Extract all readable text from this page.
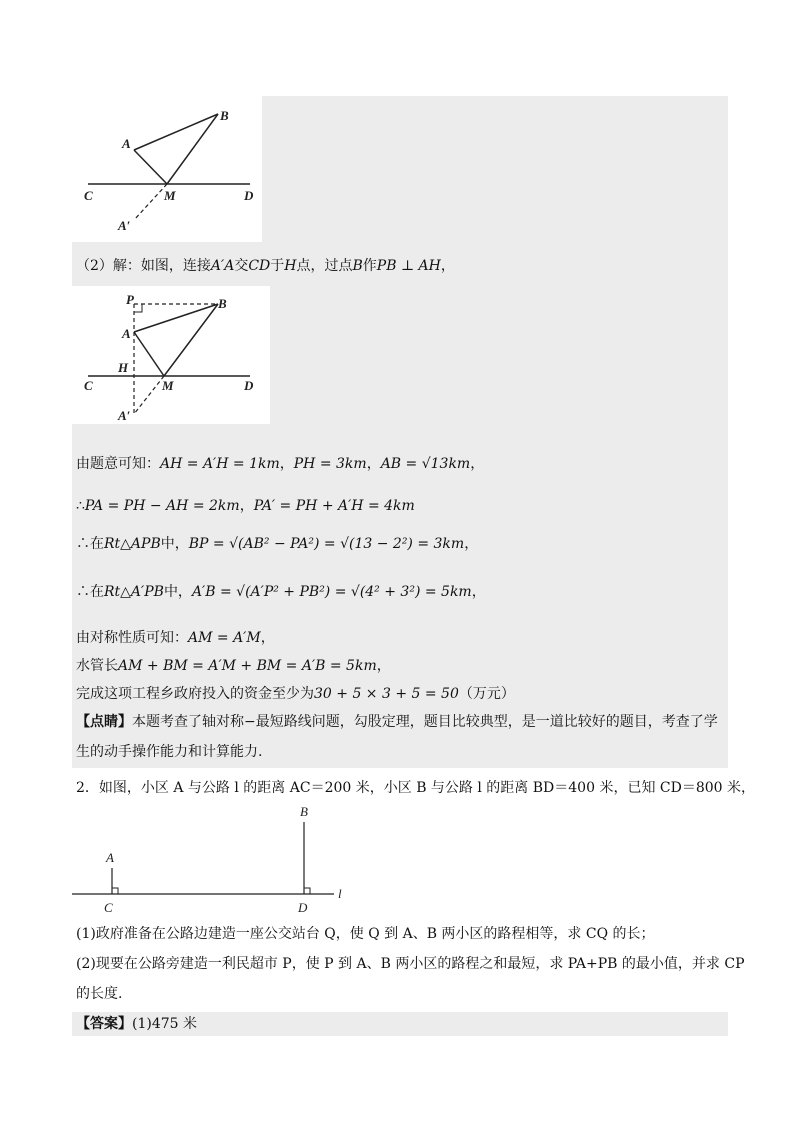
B
A
C	M	D
A′
（2）解：如图，连接A′A交CD于H点，过点B作PB ⊥ AH，
P	B
A
H
C	M	D
A′
由题意可知：AH = A′H = 1km，PH = 3km，AB = √13km，
∴PA = PH − AH = 2km，PA′ = PH + A′H = 4km
∴在Rt△APB中，BP = √(AB² − PA²) = √(13 − 2²) = 3km，
∴在Rt△A′PB中，A′B = √(A′P² + PB²) = √(4² + 3²) = 5km，
由对称性质可知：AM = A′M，
水管长AM + BM = A′M + BM = A′B = 5km，
完成这项工程乡政府投入的资金至少为30 + 5 × 3 + 5 = 50（万元）
【点睛】本题考查了轴对称−最短路线问题，勾股定理，题目比较典型，是一道比较好的题目，考查了学
生的动手操作能力和计算能力.
2．如图，小区 A 与公路 l 的距离 AC＝200 米，小区 B 与公路 l 的距离 BD＝400 米，已知 CD＝800 米，
A
B
C	D
l
(1)政府准备在公路边建造一座公交站台 Q，使 Q 到 A、B 两小区的路程相等，求 CQ 的长；
(2)现要在公路旁建造一利民超市 P，使 P 到 A、B 两小区的路程之和最短，求 PA+PB 的最小值，并求 CP
的长度.
【答案】(1)475 米
